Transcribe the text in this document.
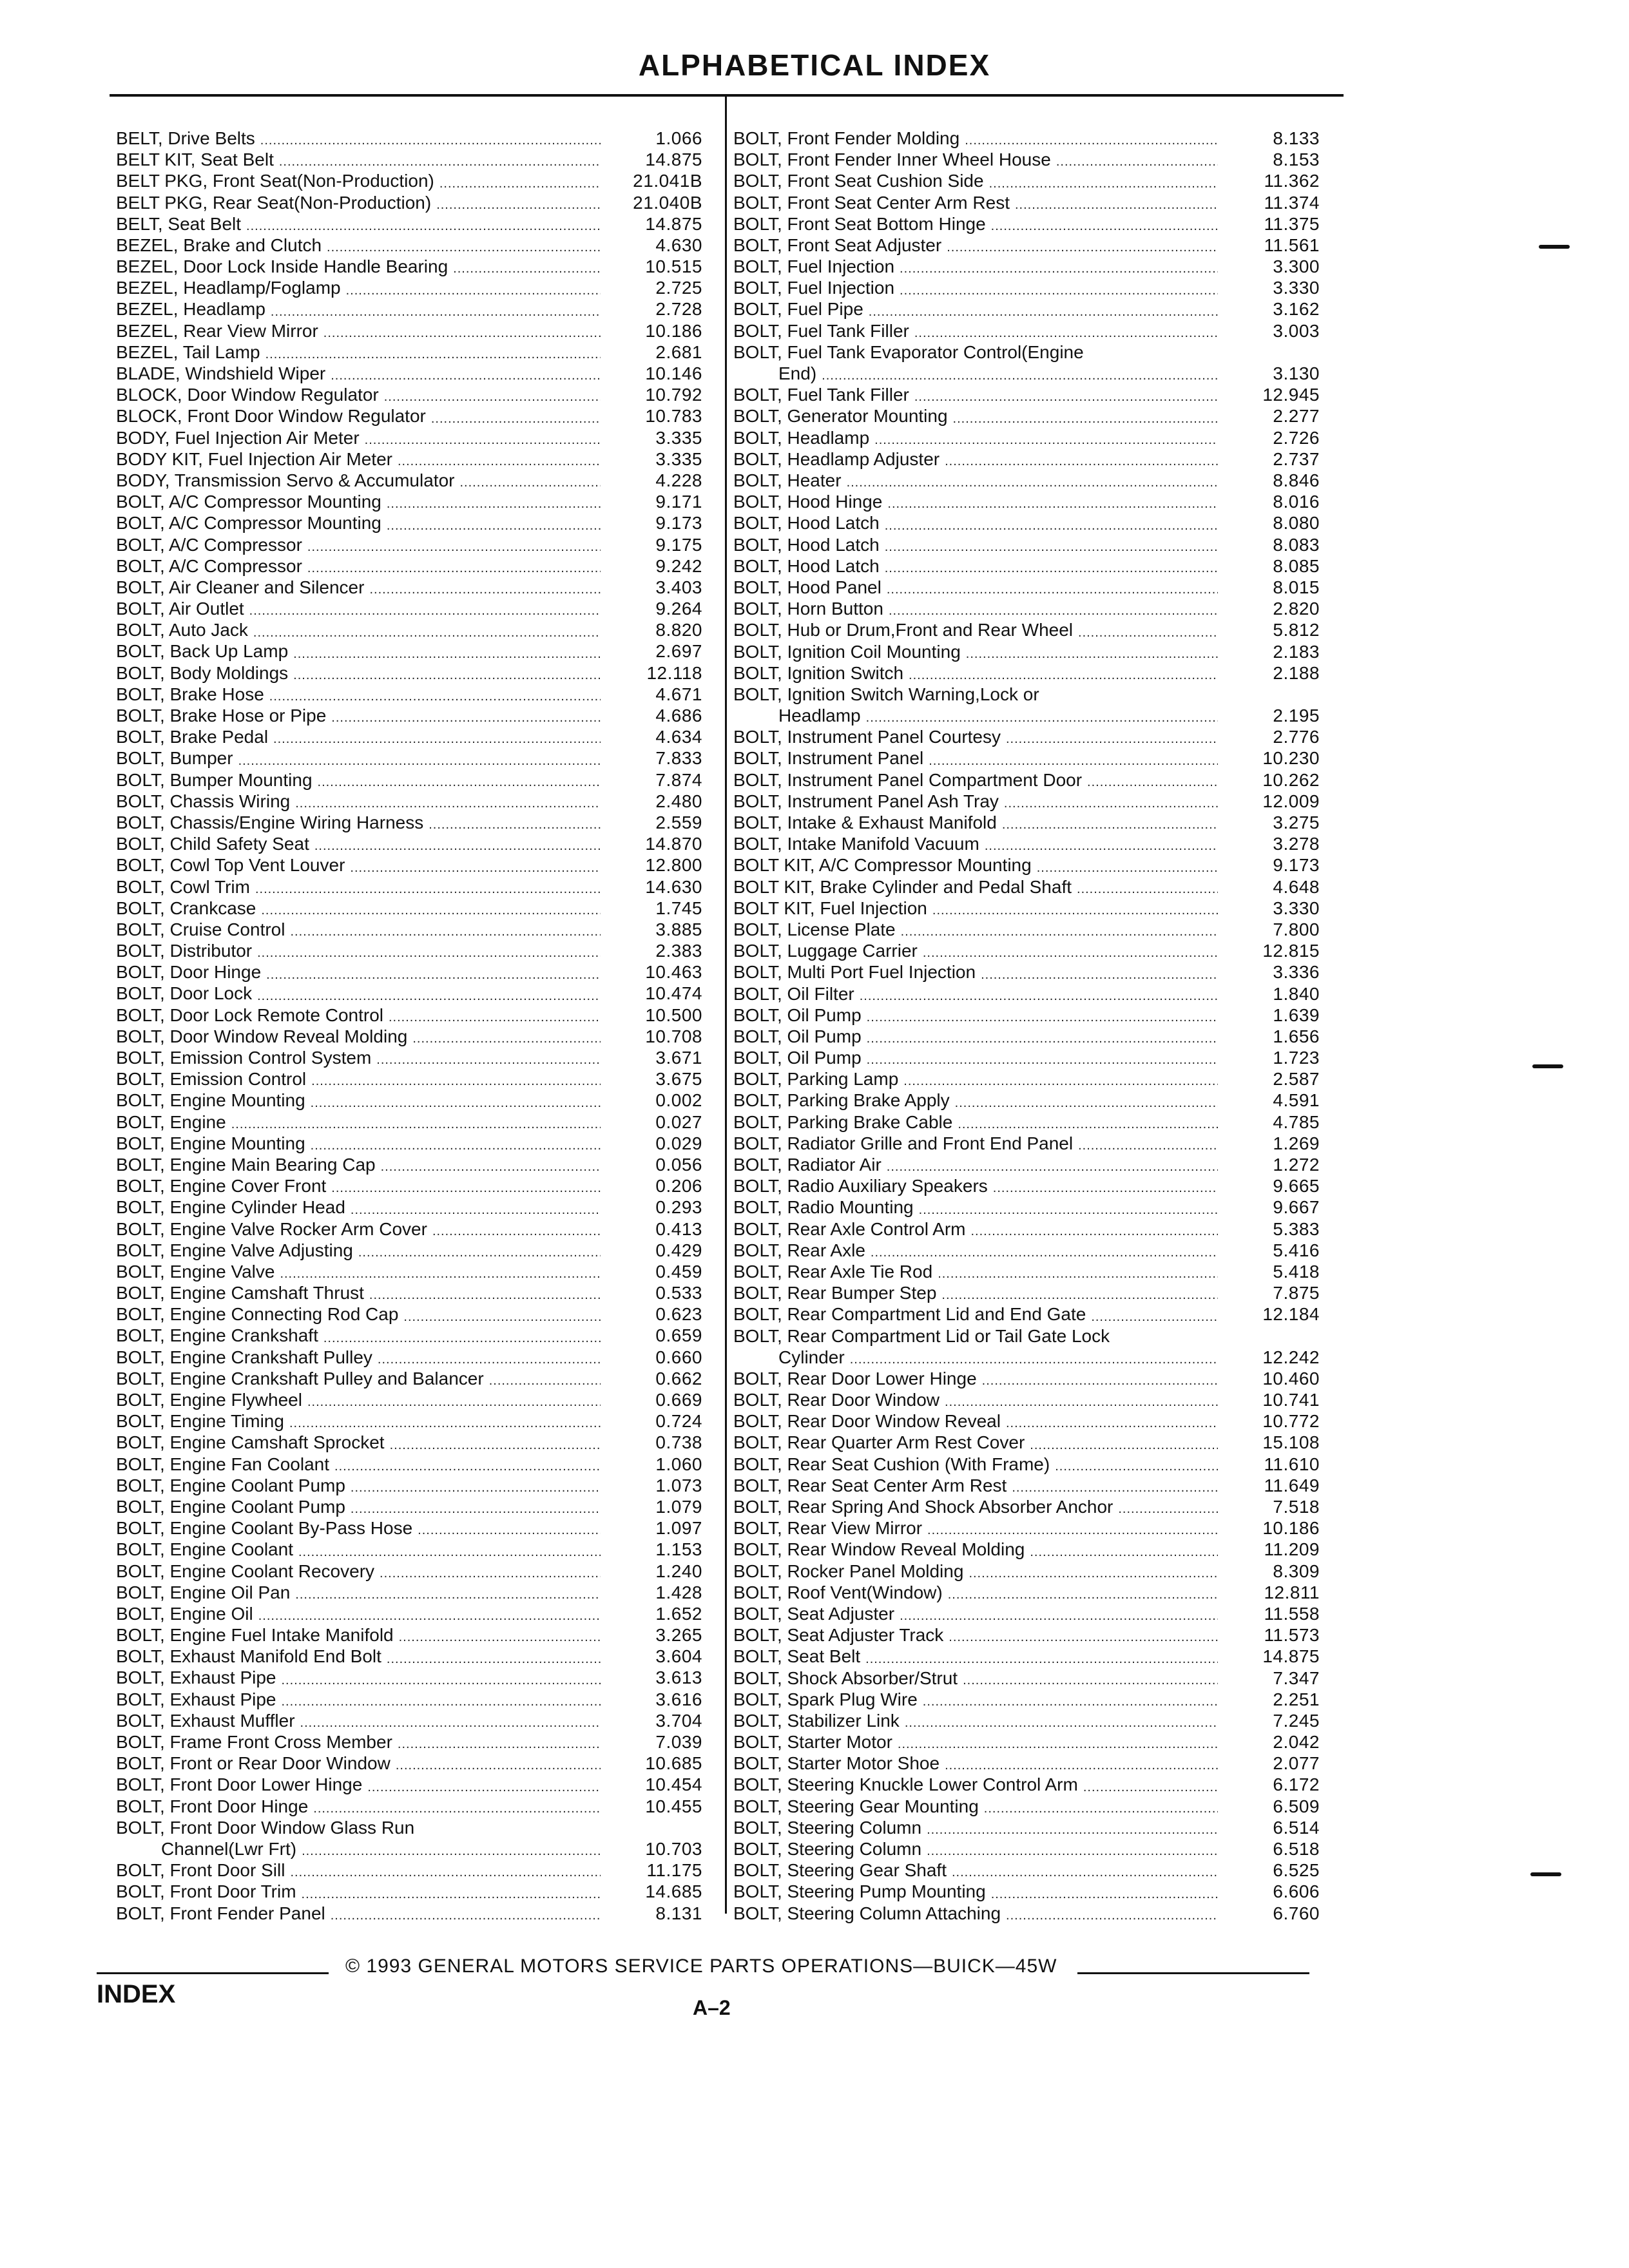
ALPHABETICAL INDEX
BELT, Drive Belts .....	1.066
BELT KIT, Seat Belt .....	14.875
BELT PKG, Front Seat(Non-Production) .....	21.041B
BELT PKG, Rear Seat(Non-Production) .....	21.040B
BELT, Seat Belt .....	14.875
BEZEL, Brake and Clutch .....	4.630
BEZEL, Door Lock Inside Handle Bearing .....	10.515
BEZEL, Headlamp/Foglamp .....	2.725
BEZEL, Headlamp .....	2.728
BEZEL, Rear View Mirror .....	10.186
BEZEL, Tail Lamp .....	2.681
BLADE, Windshield Wiper .....	10.146
BLOCK, Door Window Regulator .....	10.792
BLOCK, Front Door Window Regulator .....	10.783
BODY, Fuel Injection Air Meter .....	3.335
BODY KIT, Fuel Injection Air Meter .....	3.335
BODY, Transmission Servo & Accumulator .....	4.228
BOLT, A/C Compressor Mounting .....	9.171
BOLT, A/C Compressor Mounting .....	9.173
BOLT, A/C Compressor .....	9.175
BOLT, A/C Compressor .....	9.242
BOLT, Air Cleaner and Silencer .....	3.403
BOLT, Air Outlet .....	9.264
BOLT, Auto Jack .....	8.820
BOLT, Back Up Lamp .....	2.697
BOLT, Body Moldings .....	12.118
BOLT, Brake Hose .....	4.671
BOLT, Brake Hose or Pipe .....	4.686
BOLT, Brake Pedal .....	4.634
BOLT, Bumper .....	7.833
BOLT, Bumper Mounting .....	7.874
BOLT, Chassis Wiring .....	2.480
BOLT, Chassis/Engine Wiring Harness .....	2.559
BOLT, Child Safety Seat .....	14.870
BOLT, Cowl Top Vent Louver .....	12.800
BOLT, Cowl Trim .....	14.630
BOLT, Crankcase .....	1.745
BOLT, Cruise Control .....	3.885
BOLT, Distributor .....	2.383
BOLT, Door Hinge .....	10.463
BOLT, Door Lock .....	10.474
BOLT, Door Lock Remote Control .....	10.500
BOLT, Door Window Reveal Molding .....	10.708
BOLT, Emission Control System .....	3.671
BOLT, Emission Control .....	3.675
BOLT, Engine Mounting .....	0.002
BOLT, Engine .....	0.027
BOLT, Engine Mounting .....	0.029
BOLT, Engine Main Bearing Cap .....	0.056
BOLT, Engine Cover Front .....	0.206
BOLT, Engine Cylinder Head .....	0.293
BOLT, Engine Valve Rocker Arm Cover .....	0.413
BOLT, Engine Valve Adjusting .....	0.429
BOLT, Engine Valve .....	0.459
BOLT, Engine Camshaft Thrust .....	0.533
BOLT, Engine Connecting Rod Cap .....	0.623
BOLT, Engine Crankshaft .....	0.659
BOLT, Engine Crankshaft Pulley .....	0.660
BOLT, Engine Crankshaft Pulley and Balancer .....	0.662
BOLT, Engine Flywheel .....	0.669
BOLT, Engine Timing .....	0.724
BOLT, Engine Camshaft Sprocket .....	0.738
BOLT, Engine Fan Coolant .....	1.060
BOLT, Engine Coolant Pump .....	1.073
BOLT, Engine Coolant Pump .....	1.079
BOLT, Engine Coolant By-Pass Hose .....	1.097
BOLT, Engine Coolant .....	1.153
BOLT, Engine Coolant Recovery .....	1.240
BOLT, Engine Oil Pan .....	1.428
BOLT, Engine Oil .....	1.652
BOLT, Engine Fuel Intake Manifold .....	3.265
BOLT, Exhaust Manifold End Bolt .....	3.604
BOLT, Exhaust Pipe .....	3.613
BOLT, Exhaust Pipe .....	3.616
BOLT, Exhaust Muffler .....	3.704
BOLT, Frame Front Cross Member .....	7.039
BOLT, Front or Rear Door Window .....	10.685
BOLT, Front Door Lower Hinge .....	10.454
BOLT, Front Door Hinge .....	10.455
BOLT, Front Door Window Glass Run
Channel(Lwr Frt) .....	10.703
BOLT, Front Door Sill .....	11.175
BOLT, Front Door Trim .....	14.685
BOLT, Front Fender Panel .....	8.131
BOLT, Front Fender Molding .....	8.133
BOLT, Front Fender Inner Wheel House .....	8.153
BOLT, Front Seat Cushion Side .....	11.362
BOLT, Front Seat Center Arm Rest .....	11.374
BOLT, Front Seat Bottom Hinge .....	11.375
BOLT, Front Seat Adjuster .....	11.561
BOLT, Fuel Injection .....	3.300
BOLT, Fuel Injection .....	3.330
BOLT, Fuel Pipe .....	3.162
BOLT, Fuel Tank Filler .....	3.003
BOLT, Fuel Tank Evaporator Control(Engine
End) .....	3.130
BOLT, Fuel Tank Filler .....	12.945
BOLT, Generator Mounting .....	2.277
BOLT, Headlamp .....	2.726
BOLT, Headlamp Adjuster .....	2.737
BOLT, Heater .....	8.846
BOLT, Hood Hinge .....	8.016
BOLT, Hood Latch .....	8.080
BOLT, Hood Latch .....	8.083
BOLT, Hood Latch .....	8.085
BOLT, Hood Panel .....	8.015
BOLT, Horn Button .....	2.820
BOLT, Hub or Drum,Front and Rear Wheel .....	5.812
BOLT, Ignition Coil Mounting .....	2.183
BOLT, Ignition Switch .....	2.188
BOLT, Ignition Switch Warning,Lock or
Headlamp .....	2.195
BOLT, Instrument Panel Courtesy .....	2.776
BOLT, Instrument Panel .....	10.230
BOLT, Instrument Panel Compartment Door .....	10.262
BOLT, Instrument Panel Ash Tray .....	12.009
BOLT, Intake & Exhaust Manifold .....	3.275
BOLT, Intake Manifold Vacuum .....	3.278
BOLT KIT, A/C Compressor Mounting .....	9.173
BOLT KIT, Brake Cylinder and Pedal Shaft .....	4.648
BOLT KIT, Fuel Injection .....	3.330
BOLT, License Plate .....	7.800
BOLT, Luggage Carrier .....	12.815
BOLT, Multi Port Fuel Injection .....	3.336
BOLT, Oil Filter .....	1.840
BOLT, Oil Pump .....	1.639
BOLT, Oil Pump .....	1.656
BOLT, Oil Pump .....	1.723
BOLT, Parking Lamp .....	2.587
BOLT, Parking Brake Apply .....	4.591
BOLT, Parking Brake Cable .....	4.785
BOLT, Radiator Grille and Front End Panel .....	1.269
BOLT, Radiator Air .....	1.272
BOLT, Radio Auxiliary Speakers .....	9.665
BOLT, Radio Mounting .....	9.667
BOLT, Rear Axle Control Arm .....	5.383
BOLT, Rear Axle .....	5.416
BOLT, Rear Axle Tie Rod .....	5.418
BOLT, Rear Bumper Step .....	7.875
BOLT, Rear Compartment Lid and End Gate .....	12.184
BOLT, Rear Compartment Lid or Tail Gate Lock
Cylinder .....	12.242
BOLT, Rear Door Lower Hinge .....	10.460
BOLT, Rear Door Window .....	10.741
BOLT, Rear Door Window Reveal .....	10.772
BOLT, Rear Quarter Arm Rest Cover .....	15.108
BOLT, Rear Seat Cushion (With Frame) .....	11.610
BOLT, Rear Seat Center Arm Rest .....	11.649
BOLT, Rear Spring And Shock Absorber Anchor .....	7.518
BOLT, Rear View Mirror .....	10.186
BOLT, Rear Window Reveal Molding .....	11.209
BOLT, Rocker Panel Molding .....	8.309
BOLT, Roof Vent(Window) .....	12.811
BOLT, Seat Adjuster .....	11.558
BOLT, Seat Adjuster Track .....	11.573
BOLT, Seat Belt .....	14.875
BOLT, Shock Absorber/Strut .....	7.347
BOLT, Spark Plug Wire .....	2.251
BOLT, Stabilizer Link .....	7.245
BOLT, Starter Motor .....	2.042
BOLT, Starter Motor Shoe .....	2.077
BOLT, Steering Knuckle Lower Control Arm .....	6.172
BOLT, Steering Gear Mounting .....	6.509
BOLT, Steering Column .....	6.514
BOLT, Steering Column .....	6.518
BOLT, Steering Gear Shaft .....	6.525
BOLT, Steering Pump Mounting .....	6.606
BOLT, Steering Column Attaching .....	6.760
© 1993 GENERAL MOTORS SERVICE PARTS OPERATIONS—BUICK—45W
INDEX	A–2
